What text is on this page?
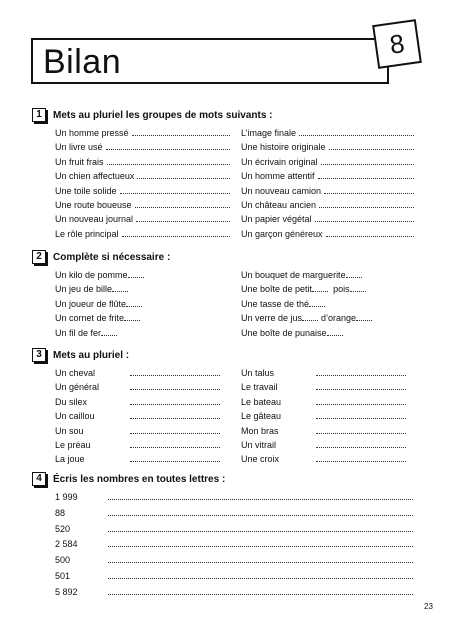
Bilan	8
1	Mets au pluriel les groupes de mots suivants :
Un homme pressé
Un livre usé
Un fruit frais
Un chien affectueux
Une toile solide
Une route boueuse
Un nouveau journal
Le rôle principal
L’image finale
Une histoire originale
Un écrivain original
Un homme attentif
Un nouveau camion
Un château ancien
Un papier végétal
Un garçon généreux
2	Complète si nécessaire :
Un kilo de pomme
Un jeu de bille
Un joueur de flûte
Un cornet de frite
Un fil de fer
Un bouquet de marguerite
Une boîte de petit pois
Une tasse de thé
Un verre de jus d’orange
Une boîte de punaise
3	Mets au pluriel :
Un cheval
Un général
Du silex
Un caillou
Un sou
Le préau
La joue
Un talus
Le travail
Le bateau
Le gâteau
Mon bras
Un vitrail
Une croix
4	Écris les nombres en toutes lettres :
1 999
88
520
2 584
500
501
5 892
23
